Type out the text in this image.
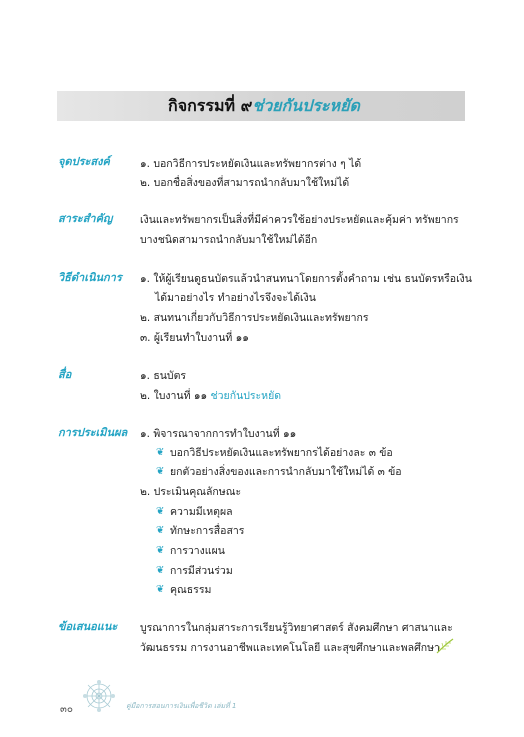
กิจกรรมที่ ๙ช่วยกันประหยัด
จุดประสงค์	๑. บอกวิธีการประหยัดเงินและทรัพยากรต่าง ๆ ได้
๒. บอกชื่อสิ่งของที่สามารถนำกลับมาใช้ใหม่ได้
สาระสำคัญ	เงินและทรัพยากรเป็นสิ่งที่มีค่าควรใช้อย่างประหยัดและคุ้มค่า ทรัพยากร
บางชนิดสามารถนำกลับมาใช้ใหม่ได้อีก
วิธีดำเนินการ ๑. ให้ผู้เรียนดูธนบัตรแล้วนำสนทนาโดยการตั้งคำถาม เช่น ธนบัตรหรือเงิน
ได้มาอย่างไร ทำอย่างไรจึงจะได้เงิน
๒. สนทนาเกี่ยวกับวิธีการประหยัดเงินและทรัพยากร
๓. ผู้เรียนทำใบงานที่ ๑๑
สื่อ	๑. ธนบัตร
๒. ใบงานที่ ๑๑ ช่วยกันประหยัด
การประเมินผล ๑. พิจารณาจากการทำใบงานที่ ๑๑
❦ บอกวิธีประหยัดเงินและทรัพยากรได้อย่างละ ๓ ข้อ
❦ ยกตัวอย่างสิ่งของและการนำกลับมาใช้ใหม่ได้ ๓ ข้อ
๒. ประเมินคุณลักษณะ
❦ ความมีเหตุผล
❦ ทักษะการสื่อสาร
❦ การวางแผน
❦ การมีส่วนร่วม
❦ คุณธรรม
ข้อเสนอแนะ บูรณาการในกลุ่มสาระการเรียนรู้วิทยาศาสตร์ สังคมศึกษา ศาสนาและ
วัฒนธรรม การงานอาชีพและเทคโนโลยี และสุขศึกษาและพลศึกษา
๓๐	คู่มือการสอนการเงินเพื่อชีวิต เล่มที่ 1
